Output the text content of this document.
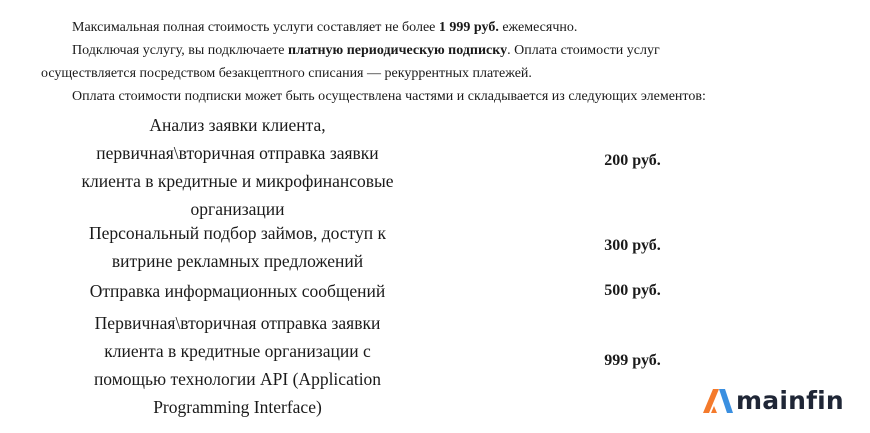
Максимальная полная стоимость услуги составляет не более 1 999 руб. ежемесячно.
Подключая услугу, вы подключаете платную периодическую подписку. Оплата стоимости услуг
осуществляется посредством безакцептного списания — рекуррентных платежей.
Оплата стоимости подписки может быть осуществлена частями и складывается из следующих элементов:
Анализ заявки клиента,
первичная\вторичная отправка заявки
клиента в кредитные и микрофинансовые
организации
200 руб.
Персональный подбор займов, доступ к
витрине рекламных предложений
300 руб.
Отправка информационных сообщений	500 руб.
Первичная\вторичная отправка заявки
клиента в кредитные организации с
помощью технологии API (Application
Programming Interface)
999 руб.
mainfin
